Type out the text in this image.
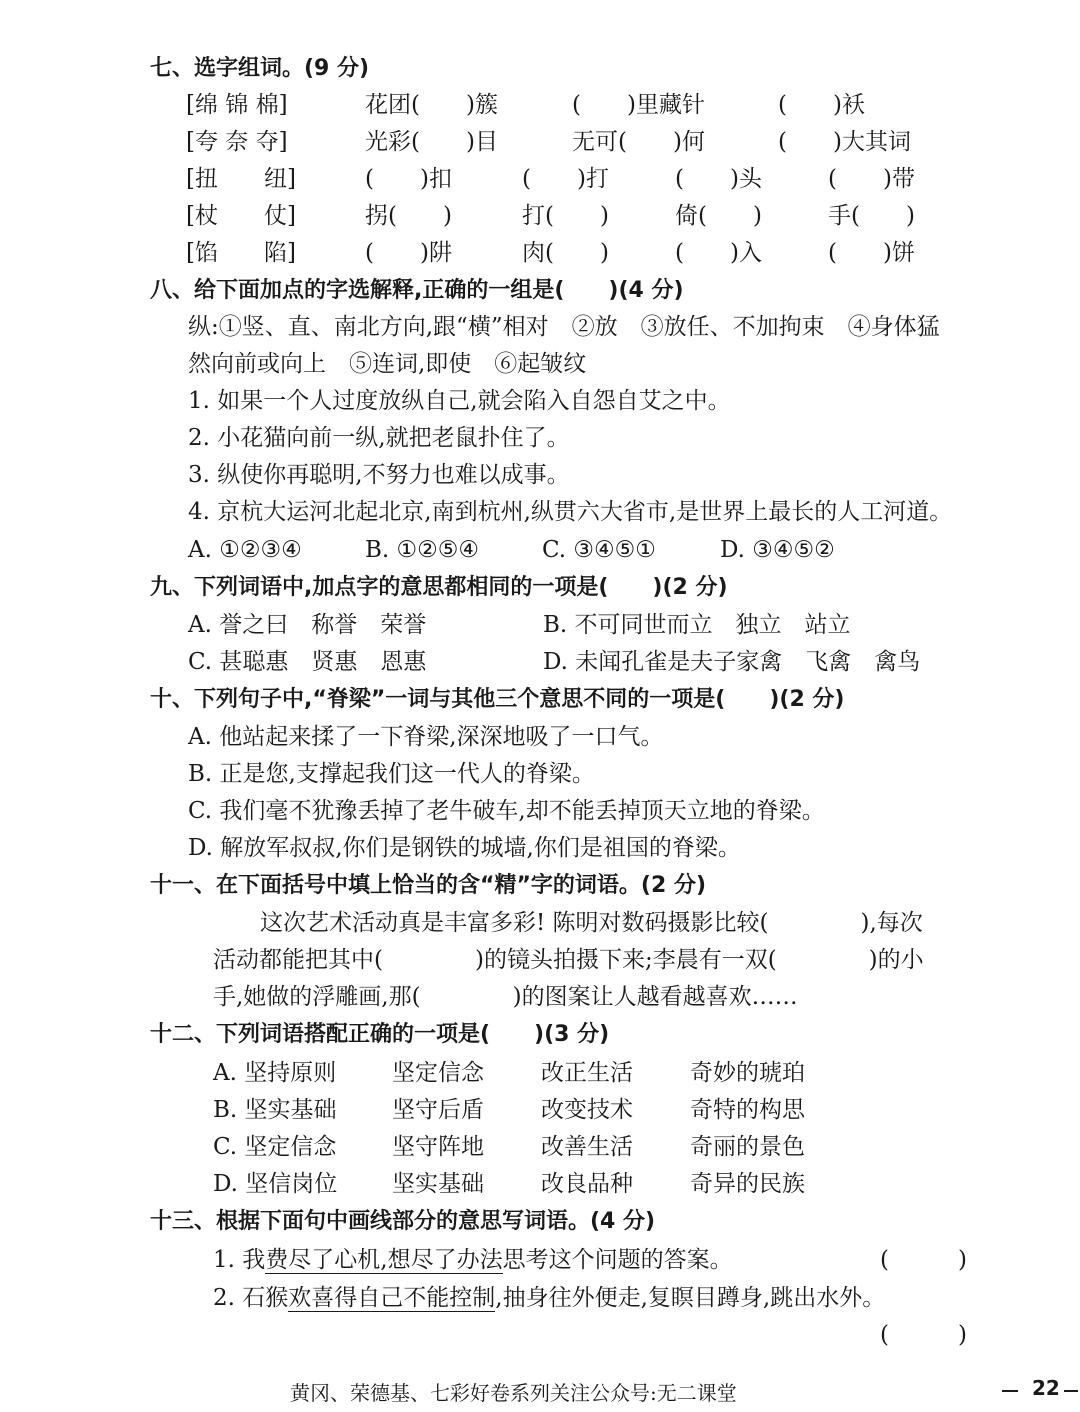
七、选字组词。(9 分)
[绵 锦 棉]	花团(　　)簇	(　　)里藏针	(　　)袄
[夸 奈 夺]	光彩(　　)目	无可(　　)何	(　　)大其词
[扭　　纽]	(　　)扣	(　　)打	(　　)头	(　　)带
[杖　　仗]	拐(　　)	打(　　)	倚(　　)	手(　　)
[馅　　陷]	(　　)阱	肉(　　)	(　　)入	(　　)饼
八、给下面加点的字选解释,正确的一组是(　　)(4 分)
纵:①竖、直、南北方向,跟“横”相对　②放　③放任、不加拘束　④身体猛
然向前或向上　⑤连词,即使　⑥起皱纹
1. 如果一个人过度放纵自己,就会陷入自怨自艾之中。
2. 小花猫向前一纵,就把老鼠扑住了。
3. 纵使你再聪明,不努力也难以成事。
4. 京杭大运河北起北京,南到杭州,纵贯六大省市,是世界上最长的人工河道。
A. ①②③④	B. ①②⑤④	C. ③④⑤①	D. ③④⑤②
九、下列词语中,加点字的意思都相同的一项是(　　)(2 分)
A. 誉之曰　称誉　荣誉	B. 不可同世而立　独立　站立
C. 甚聪惠　贤惠　恩惠	D. 未闻孔雀是夫子家禽　飞禽　禽鸟
十、下列句子中,“脊梁”一词与其他三个意思不同的一项是(　　)(2 分)
A. 他站起来揉了一下脊梁,深深地吸了一口气。
B. 正是您,支撑起我们这一代人的脊梁。
C. 我们毫不犹豫丢掉了老牛破车,却不能丢掉顶天立地的脊梁。
D. 解放军叔叔,你们是钢铁的城墙,你们是祖国的脊梁。
十一、在下面括号中填上恰当的含“精”字的词语。(2 分)
这次艺术活动真是丰富多彩! 陈明对数码摄影比较(　　　　),每次
活动都能把其中(　　　　)的镜头拍摄下来;李晨有一双(　　　　)的小
手,她做的浮雕画,那(　　　　)的图案让人越看越喜欢……
十二、下列词语搭配正确的一项是(　　)(3 分)
A. 坚持原则 坚定信念 改正生活 奇妙的琥珀
B. 坚实基础 坚守后盾 改变技术 奇特的构思
C. 坚定信念 坚守阵地 改善生活 奇丽的景色
D. 坚信岗位 坚实基础 改良品种 奇异的民族
十三、根据下面句中画线部分的意思写词语。(4 分)
1. 我费尽了心机,想尽了办法思考这个问题的答案。	(　　　)
2. 石猴欢喜得自己不能控制,抽身往外便走,复瞑目蹲身,跳出水外。
(　　　)
黄冈、荣德基、七彩好卷系列关注公众号:无二课堂	22
